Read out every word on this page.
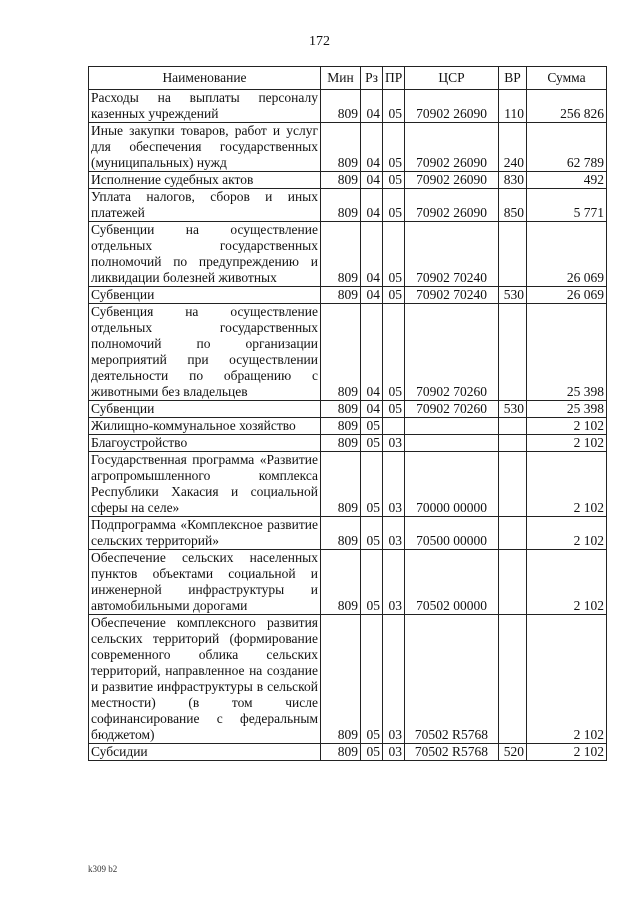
172
Наименование	Мин	Рз	ПР	ЦСР	ВР	Сумма
Расходы на выплаты персоналу казенных учреждений	809	04	05	70902 26090	110	256 826
Иные закупки товаров, работ и услуг для обеспечения государственных (муниципальных) нужд	809	04	05	70902 26090	240	62 789
Исполнение судебных актов	809	04	05	70902 26090	830	492
Уплата налогов, сборов и иных платежей	809	04	05	70902 26090	850	5 771
Субвенции на осуществление отдельных государственных полномочий по предупреждению и ликвидации болезней животных	809	04	05	70902 70240		26 069
Субвенции	809	04	05	70902 70240	530	26 069
Субвенция на осуществление отдельных государственных полномочий по организации мероприятий при осуществлении деятельности по обращению с животными без владельцев	809	04	05	70902 70260		25 398
Субвенции	809	04	05	70902 70260	530	25 398
Жилищно-коммунальное хозяйство	809	05				2 102
Благоустройство	809	05	03			2 102
Государственная программа «Развитие агропромышленного комплекса Республики Хакасия и социальной сферы на селе»	809	05	03	70000 00000		2 102
Подпрограмма «Комплексное развитие сельских территорий»	809	05	03	70500 00000		2 102
Обеспечение сельских населенных пунктов объектами социальной и инженерной инфраструктуры и автомобильными дорогами	809	05	03	70502 00000		2 102
Обеспечение комплексного развития сельских территорий (формирование современного облика сельских территорий, направленное на создание и развитие инфраструктуры в сельской местности) (в том числе софинансирование с федеральным бюджетом)	809	05	03	70502 R5768		2 102
Субсидии	809	05	03	70502 R5768	520	2 102
k309 b2
